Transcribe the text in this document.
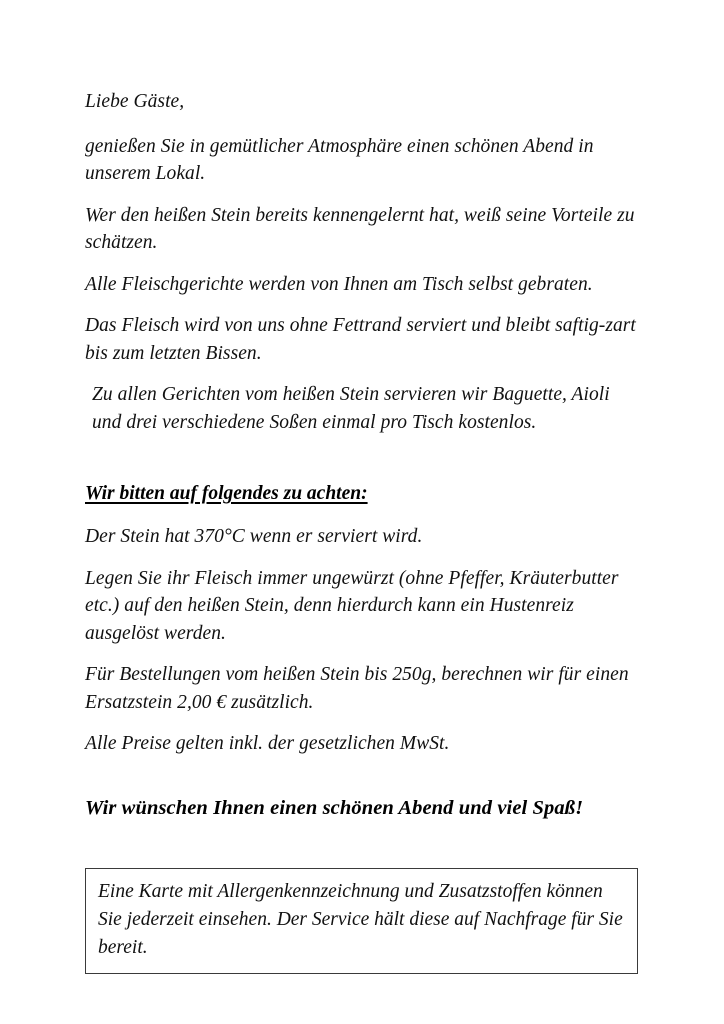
Liebe Gäste,

genießen Sie in gemütlicher Atmosphäre einen schönen Abend in unserem Lokal.

Wer den heißen Stein bereits kennengelernt hat, weiß seine Vorteile zu schätzen.

Alle Fleischgerichte werden von Ihnen am Tisch selbst gebraten.

Das Fleisch wird von uns ohne Fettrand serviert und bleibt saftig-zart bis zum letzten Bissen.

Zu allen Gerichten vom heißen Stein servieren wir Baguette, Aioli und drei verschiedene Soßen einmal pro Tisch kostenlos.

Wir bitten auf folgendes zu achten:

Der Stein hat 370°C wenn er serviert wird.

Legen Sie ihr Fleisch immer ungewürzt (ohne Pfeffer, Kräuterbutter etc.) auf den heißen Stein, denn hierdurch kann ein Hustenreiz ausgelöst werden.

Für Bestellungen vom heißen Stein bis 250g, berechnen wir für einen Ersatzstein 2,00 € zusätzlich.

Alle Preise gelten inkl. der gesetzlichen MwSt.

Wir wünschen Ihnen einen schönen Abend und viel Spaß!

Eine Karte mit Allergenkennzeichnung und Zusatzstoffen können Sie jederzeit einsehen. Der Service hält diese auf Nachfrage für Sie bereit.
